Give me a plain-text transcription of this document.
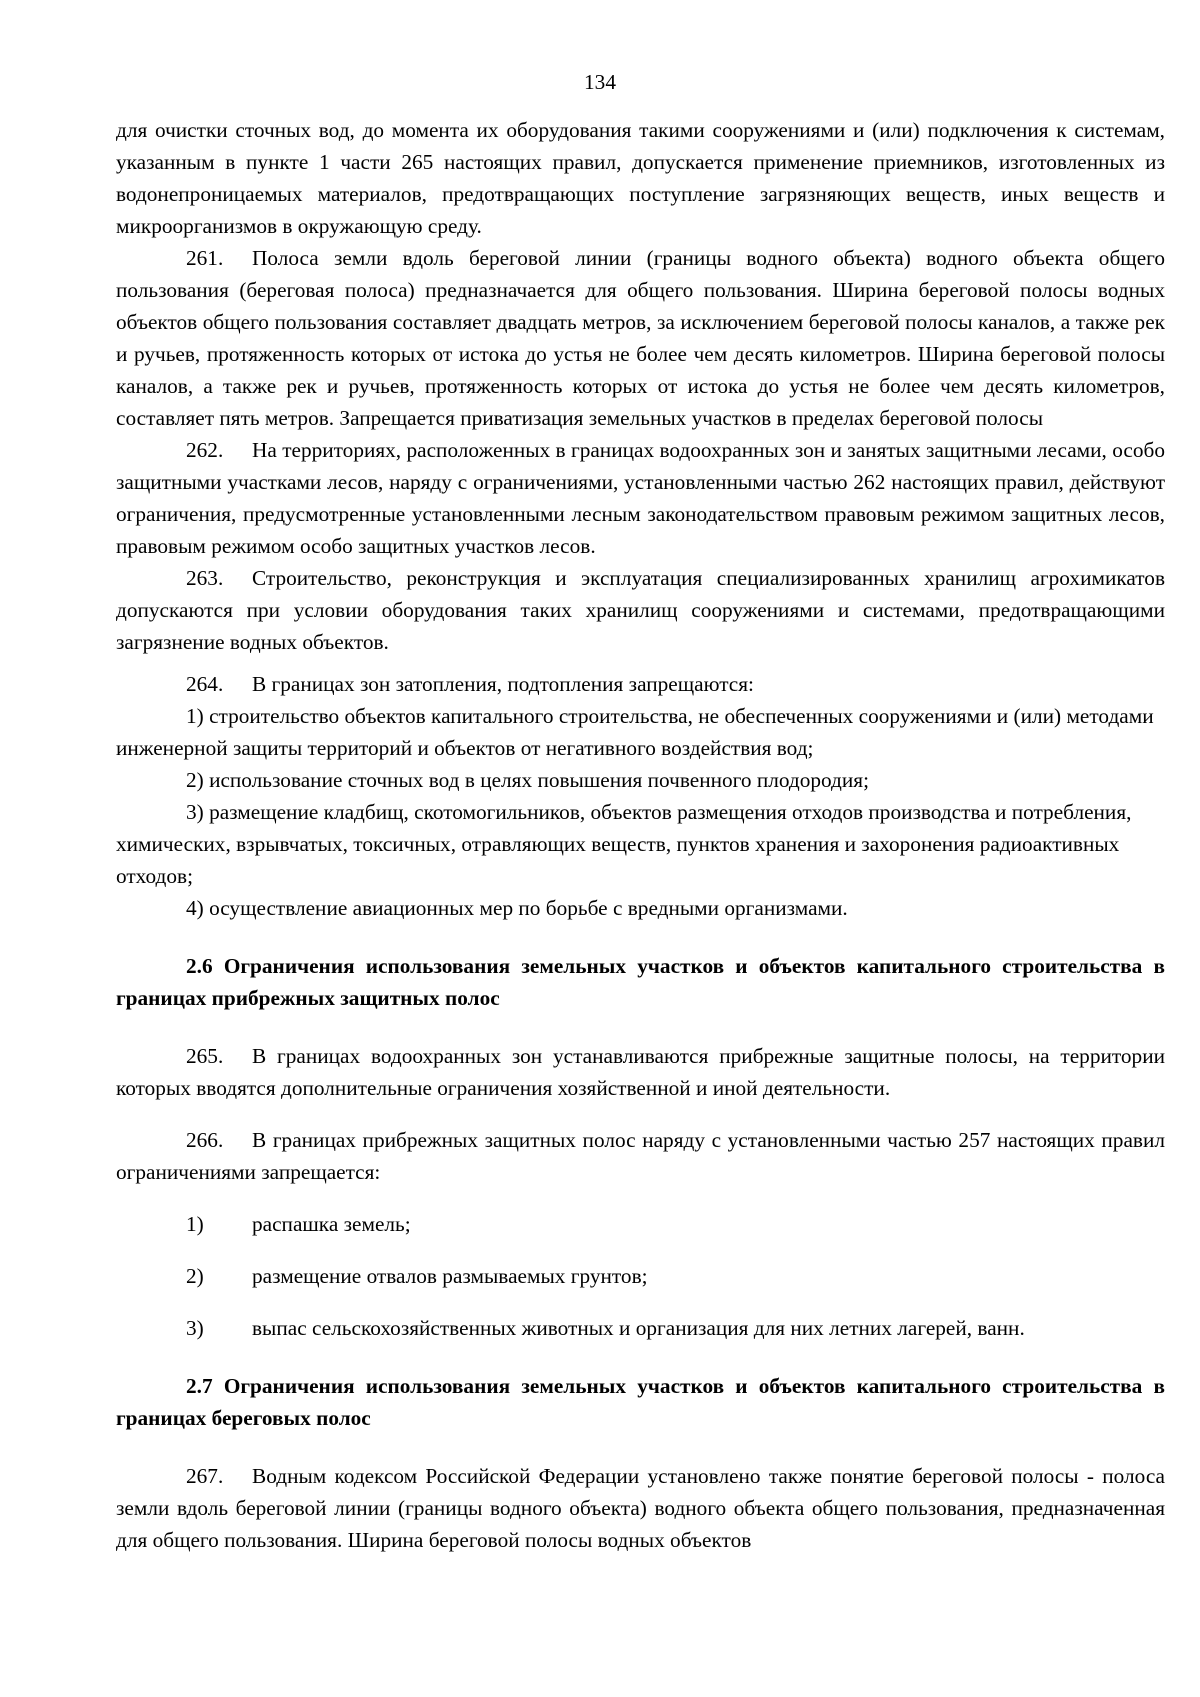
134

для очистки сточных вод, до момента их оборудования такими сооружениями и (или) подключения к системам, указанным в пункте 1 части 265 настоящих правил, допускается применение приемников, изготовленных из водонепроницаемых материалов, предотвращающих поступление загрязняющих веществ, иных веществ и микроорганизмов в окружающую среду.

261. Полоса земли вдоль береговой линии (границы водного объекта) водного объекта общего пользования (береговая полоса) предназначается для общего пользования. Ширина береговой полосы водных объектов общего пользования составляет двадцать метров, за исключением береговой полосы каналов, а также рек и ручьев, протяженность которых от истока до устья не более чем десять километров. Ширина береговой полосы каналов, а также рек и ручьев, протяженность которых от истока до устья не более чем десять километров, составляет пять метров. Запрещается приватизация земельных участков в пределах береговой полосы

262. На территориях, расположенных в границах водоохранных зон и занятых защитными лесами, особо защитными участками лесов, наряду с ограничениями, установленными частью 262 настоящих правил, действуют ограничения, предусмотренные установленными лесным законодательством правовым режимом защитных лесов, правовым режимом особо защитных участков лесов.

263. Строительство, реконструкция и эксплуатация специализированных хранилищ агрохимикатов допускаются при условии оборудования таких хранилищ сооружениями и системами, предотвращающими загрязнение водных объектов.

264. В границах зон затопления, подтопления запрещаются:

1) строительство объектов капитального строительства, не обеспеченных сооружениями и (или) методами инженерной защиты территорий и объектов от негативного воздействия вод;

2) использование сточных вод в целях повышения почвенного плодородия;

3) размещение кладбищ, скотомогильников, объектов размещения отходов производства и потребления, химических, взрывчатых, токсичных, отравляющих веществ, пунктов хранения и захоронения радиоактивных отходов;

4) осуществление авиационных мер по борьбе с вредными организмами.

2.6 Ограничения использования земельных участков и объектов капитального строительства в границах прибрежных защитных полос

265. В границах водоохранных зон устанавливаются прибрежные защитные полосы, на территории которых вводятся дополнительные ограничения хозяйственной и иной деятельности.

266. В границах прибрежных защитных полос наряду с установленными частью 257 настоящих правил ограничениями запрещается:

1)	распашка земель;
2)	размещение отвалов размываемых грунтов;
3)	выпас сельскохозяйственных животных и организация для них летних лагерей, ванн.

2.7 Ограничения использования земельных участков и объектов капитального строительства в границах береговых полос

267. Водным кодексом Российской Федерации установлено также понятие береговой полосы - полоса земли вдоль береговой линии (границы водного объекта) водного объекта общего пользования, предназначенная для общего пользования. Ширина береговой полосы водных объектов
